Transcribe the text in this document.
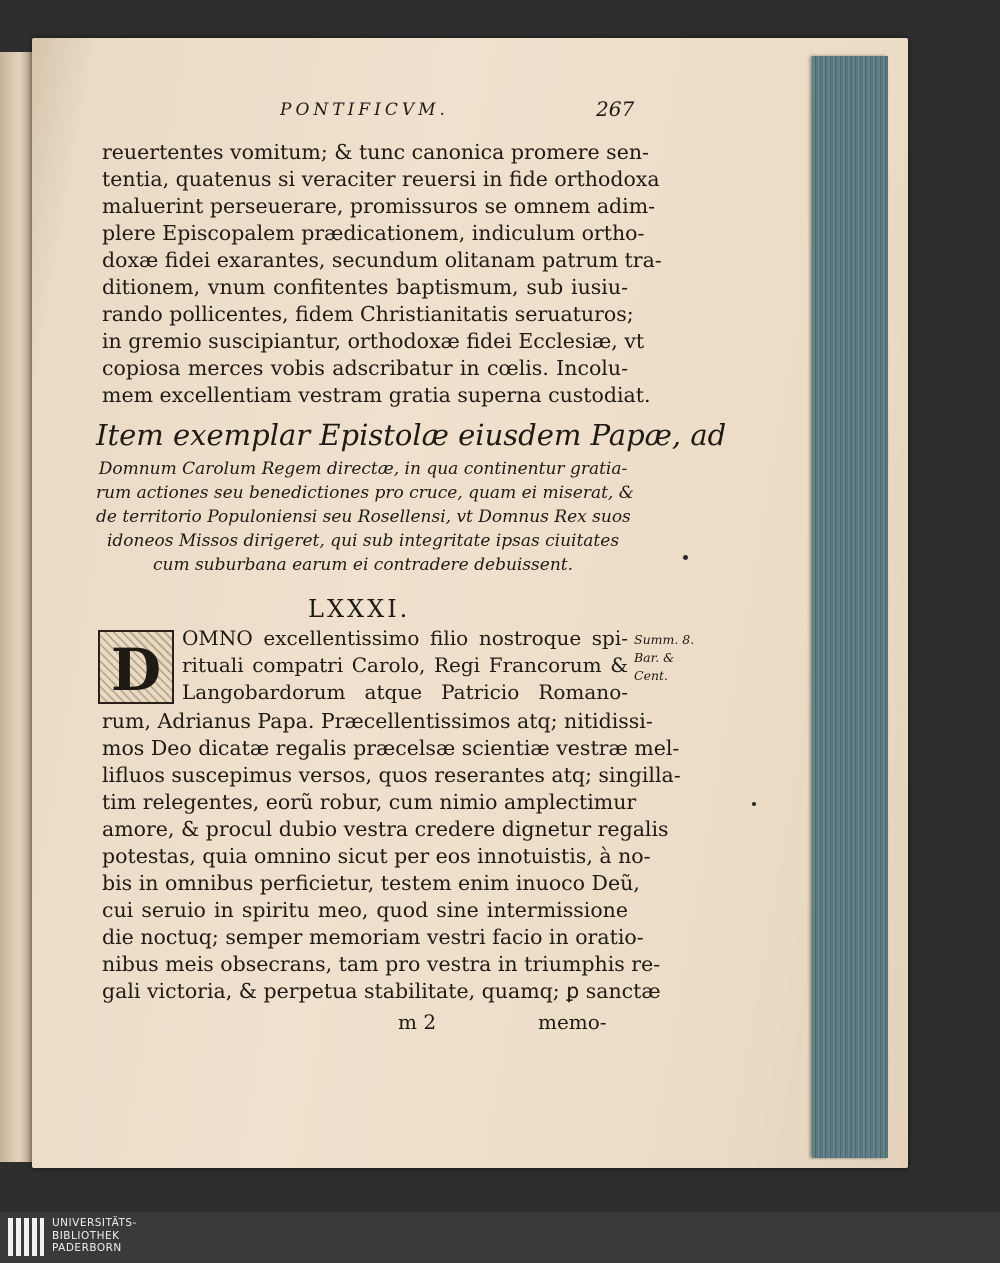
PONTIFICVM.	267
reuertentes vomitum; & tunc canonica promere sen-
tentia, quatenus si veraciter reuersi in fide orthodoxa
maluerint perseuerare, promissuros se omnem adim-
plere Episcopalem prædicationem, indiculum ortho-
doxæ fidei exarantes, secundum olitanam patrum tra-
ditionem, vnum confitentes baptismum, sub iusiu-
rando pollicentes, fidem Christianitatis seruaturos;
in gremio suscipiantur, orthodoxæ fidei Ecclesiæ, vt
copiosa merces vobis adscribatur in cœlis. Incolu-
mem excellentiam vestram gratia superna custodiat.
Item exemplar Epistolæ eiusdem Papæ, ad
Domnum Carolum Regem directæ, in qua continentur gratia-
rum actiones seu benedictiones pro cruce, quam ei miserat, &
de territorio Populoniensi seu Rosellensi, vt Domnus Rex suos
idoneos Missos dirigeret, qui sub integritate ipsas ciuitates
cum suburbana earum ei contradere debuissent.
LXXXI.
D	OMNO excellentissimo filio nostroque spi-
rituali compatri Carolo, Regi Francorum &
Langobardorum atque Patricio Romano-
Summ. 8.
Bar. &
Cent.
rum, Adrianus Papa. Præcellentissimos atq; nitidissi-
mos Deo dicatæ regalis præcelsæ scientiæ vestræ mel-
lifluos suscepimus versos, quos reserantes atq; singilla-
tim relegentes, eorũ robur, cum nimio amplectimur
amore, & procul dubio vestra credere dignetur regalis
potestas, quia omnino sicut per eos innotuistis, à no-
bis in omnibus perficietur, testem enim inuoco Deũ,
cui seruio in spiritu meo, quod sine intermissione
die noctuq; semper memoriam vestri facio in oratio-
nibus meis obsecrans, tam pro vestra in triumphis re-
gali victoria, & perpetua stabilitate, quamq; ꝑ sanctæ
m 2	memo-
UNIVERSITÄTS-
BIBLIOTHEK
PADERBORN
